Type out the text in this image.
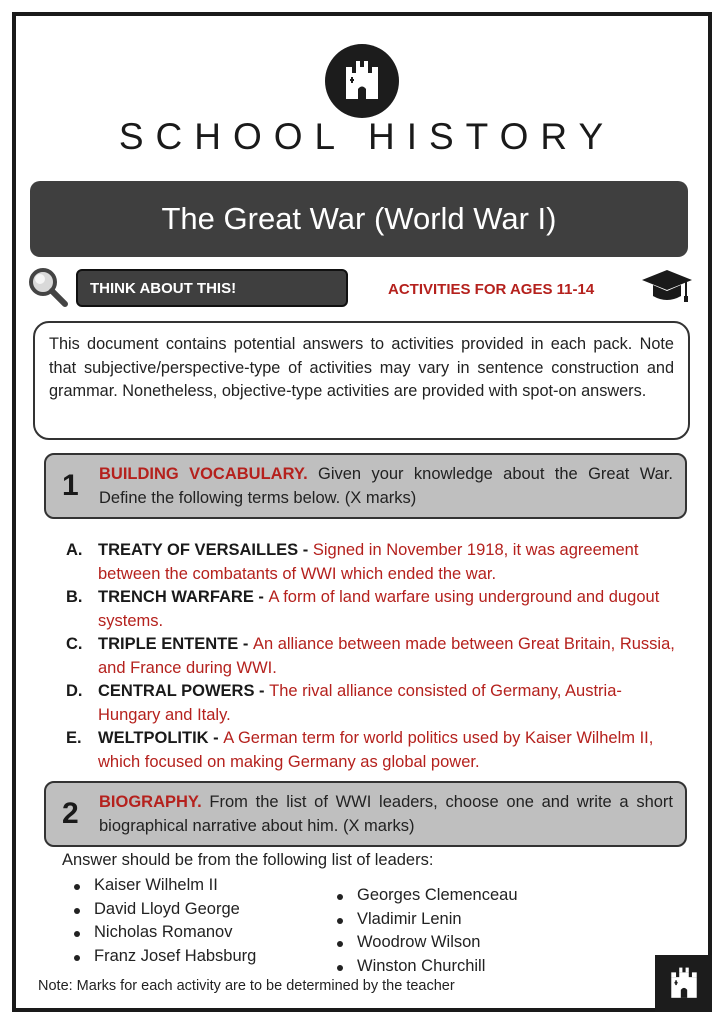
SCHOOL HISTORY
The Great War (World War I)
THINK ABOUT THIS!	ACTIVITIES FOR AGES 11-14
This document contains potential answers to activities provided in each pack. Note that subjective/perspective-type of activities may vary in sentence construction and grammar. Nonetheless, objective-type activities are provided with spot-on answers.
1 BUILDING VOCABULARY. Given your knowledge about the Great War. Define the following terms below. (X marks)
A. TREATY OF VERSAILLES - Signed in November 1918, it was agreement between the combatants of WWI which ended the war.
B. TRENCH WARFARE - A form of land warfare using underground and dugout systems.
C. TRIPLE ENTENTE - An alliance between made between Great Britain, Russia, and France during WWI.
D. CENTRAL POWERS - The rival alliance consisted of Germany, Austria-Hungary and Italy.
E. WELTPOLITIK - A German term for world politics used by Kaiser Wilhelm II, which focused on making Germany as global power.
2 BIOGRAPHY. From the list of WWI leaders, choose one and write a short biographical narrative about him. (X marks)
Answer should be from the following list of leaders:
Kaiser Wilhelm II
David Lloyd George
Nicholas Romanov
Franz Josef Habsburg
Georges Clemenceau
Vladimir Lenin
Woodrow Wilson
Winston Churchill
Note: Marks for each activity are to be determined by the teacher
